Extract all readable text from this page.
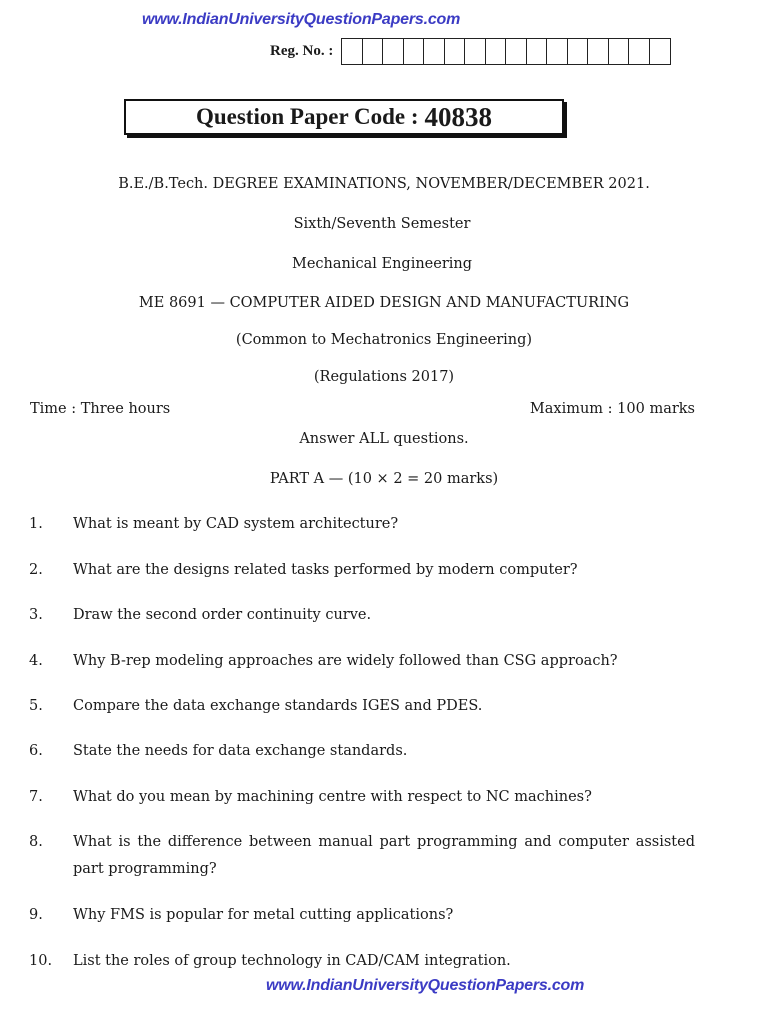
www.IndianUniversityQuestionPapers.com
Reg. No. :
Question Paper Code : 40838
B.E./B.Tech. DEGREE EXAMINATIONS, NOVEMBER/DECEMBER 2021.
Sixth/Seventh Semester
Mechanical Engineering
ME 8691 — COMPUTER AIDED DESIGN AND MANUFACTURING
(Common to Mechatronics Engineering)
(Regulations 2017)
Time : Three hours	Maximum : 100 marks
Answer ALL questions.
PART A — (10 × 2 = 20 marks)
1. What is meant by CAD system architecture?
2. What are the designs related tasks performed by modern computer?
3. Draw the second order continuity curve.
4. Why B-rep modeling approaches are widely followed than CSG approach?
5. Compare the data exchange standards IGES and PDES.
6. State the needs for data exchange standards.
7. What do you mean by machining centre with respect to NC machines?
8. What is the difference between manual part programming and computer assisted part programming?
9. Why FMS is popular for metal cutting applications?
10. List the roles of group technology in CAD/CAM integration.
www.IndianUniversityQuestionPapers.com
